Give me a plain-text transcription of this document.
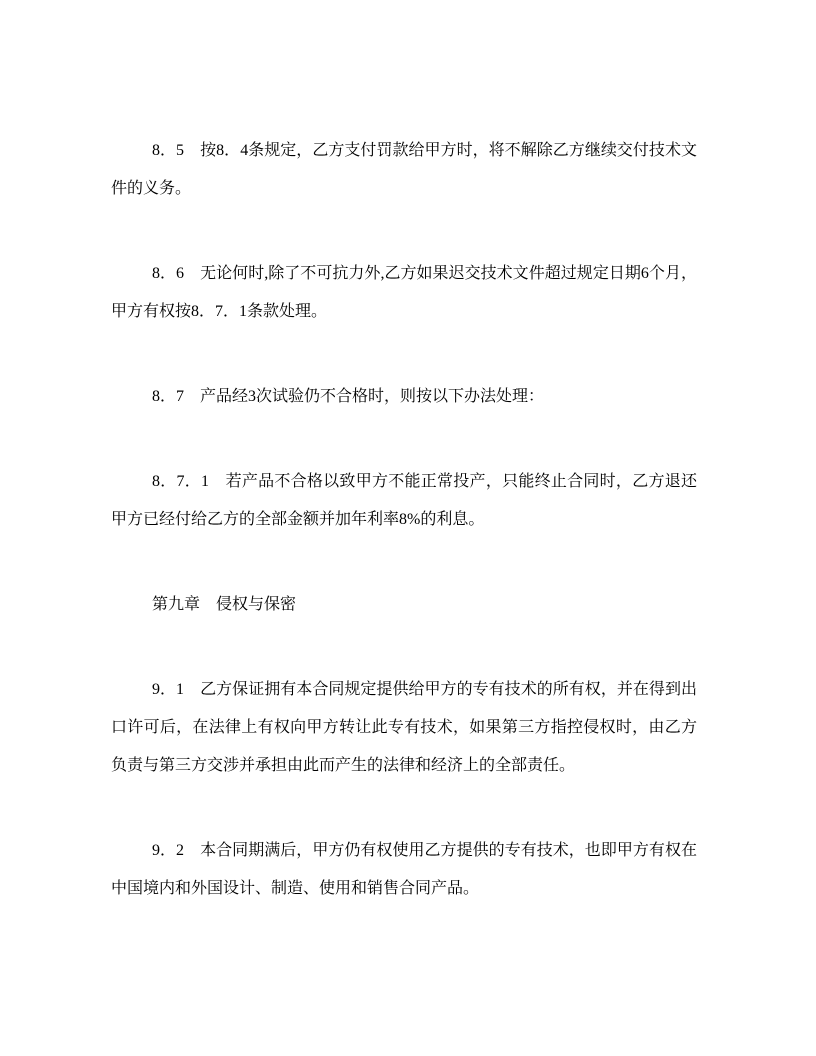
8．5　按8．4条规定，乙方支付罚款给甲方时，将不解除乙方继续交付技术文件的义务。

8．6　无论何时,除了不可抗力外,乙方如果迟交技术文件超过规定日期6个月，甲方有权按8．7．1条款处理。

8．7　产品经3次试验仍不合格时，则按以下办法处理：

8．7．1　若产品不合格以致甲方不能正常投产，只能终止合同时，乙方退还甲方已经付给乙方的全部金额并加年利率8%的利息。

第九章　侵权与保密

9．1　乙方保证拥有本合同规定提供给甲方的专有技术的所有权，并在得到出口许可后，在法律上有权向甲方转让此专有技术，如果第三方指控侵权时，由乙方负责与第三方交涉并承担由此而产生的法律和经济上的全部责任。

9．2　本合同期满后，甲方仍有权使用乙方提供的专有技术，也即甲方有权在中国境内和外国设计、制造、使用和销售合同产品。
